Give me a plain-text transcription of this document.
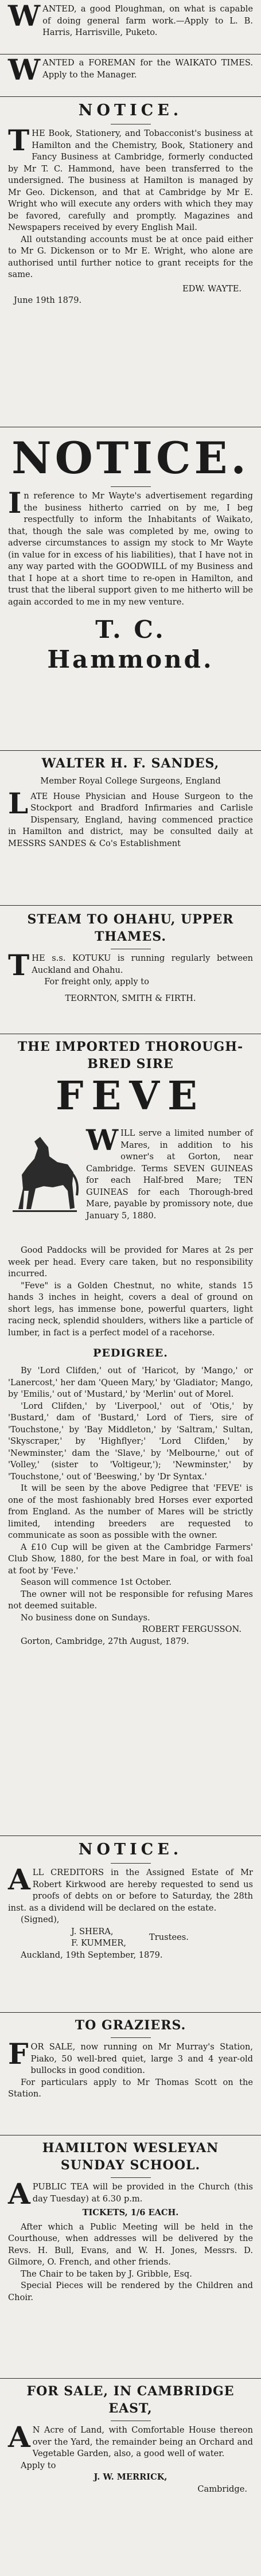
WANTED, a good Ploughman, on what is capable of doing general farm work.—Apply to L. B. Harris, Harrisville, Puketo.

WANTED a FOREMAN for the WAIKATO TIMES. Apply to the Manager.

NOTICE.

THE Book, Stationery, and Tobacconist's business at Hamilton and the Chemistry, Book, Stationery and Fancy Business at Cambridge, formerly conducted by Mr T. C. Hammond, have been transferred to the undersigned. The business at Hamilton is managed by Mr Geo. Dickenson, and that at Cambridge by Mr E. Wright who will execute any orders with which they may be favored, carefully and promptly. Magazines and Newspapers received by every English Mail.

All outstanding accounts must be at once paid either to Mr G. Dickenson or to Mr E. Wright, who alone are authorised until further notice to grant receipts for the same.

EDW. WAYTE.

June 19th 1879.

NOTICE.

In reference to Mr Wayte's advertisement regarding the business hitherto carried on by me, I beg respectfully to inform the Inhabitants of Waikato, that, though the sale was completed by me, owing to adverse circumstances to assign my stock to Mr Wayte (in value for in excess of his liabilities), that I have not in any way parted with the GOODWILL of my Business and that I hope at a short time to re-open in Hamilton, and trust that the liberal support given to me hitherto will be again accorded to me in my new venture.

T. C. Hammond.
WALTER H. F. SANDES,

Member Royal College Surgeons, England

LATE House Physician and House Surgeon to the Stockport and Bradford Infirmaries and Carlisle Dispensary, England, having commenced practice in Hamilton and district, may be consulted daily at MESSRS SANDES & Co's Establishment

STEAM TO OHAHU, UPPER THAMES.

THE s.s. KOTUKU is running regularly between Auckland and Ohahu.

For freight only, apply to

TEORNTON, SMITH & FIRTH.

THE IMPORTED THOROUGH-BRED SIRE
FEVE

WILL serve a limited number of Mares, in addition to his owner's at Gorton, near Cambridge. Terms SEVEN GUINEAS for each Half-bred Mare; TEN GUINEAS for each Thorough-bred Mare, payable by promissory note, due January 5, 1880.

Good Paddocks will be provided for Mares at 2s per week per head. Every care taken, but no responsibility incurred.

"Feve" is a Golden Chestnut, no white, stands 15 hands 3 inches in height, covers a deal of ground on short legs, has immense bone, powerful quarters, light racing neck, splendid shoulders, withers like a particle of lumber, in fact is a perfect model of a racehorse.

PEDIGREE.

By 'Lord Clifden,' out of 'Haricot, by 'Mango,' or 'Lanercost,' her dam 'Queen Mary,' by 'Gladiator; Mango, by 'Emilis,' out of 'Mustard,' by 'Merlin' out of Morel.

'Lord Clifden,' by 'Liverpool,' out of 'Otis,' by 'Bustard,' dam of 'Bustard,' Lord of Tiers, sire of 'Touchstone,' by 'Bay Middleton,' by 'Saltram,' Sultan, 'Skyscraper,' by 'Highflyer;' 'Lord Clifden,' by 'Newminster,' dam the 'Slave,' by 'Melbourne,' out of 'Volley,' (sister to 'Voltigeur,'); 'Newminster,' by 'Touchstone,' out of 'Beeswing,' by 'Dr Syntax.'

It will be seen by the above Pedigree that 'FEVE' is one of the most fashionably bred Horses ever exported from England. As the number of Mares will be strictly limited, intending breeders are requested to communicate as soon as possible with the owner.

A £10 Cup will be given at the Cambridge Farmers' Club Show, 1880, for the best Mare in foal, or with foal at foot by 'Feve.'

Season will commence 1st October.

The owner will not be responsible for refusing Mares not deemed suitable.

No business done on Sundays.

ROBERT FERGUSSON.

Gorton, Cambridge, 27th August, 1879.

NOTICE.

ALL CREDITORS in the Assigned Estate of Mr Robert Kirkwood are hereby requested to send us proofs of debts on or before to Saturday, the 28th inst. as a dividend will be declared on the estate.

(Signed),

J. SHERA,

F. KUMMER,

Trustees.

Auckland, 19th September, 1879.

TO GRAZIERS.

FOR SALE, now running on Mr Murray's Station, Piako, 50 well-bred quiet, large 3 and 4 year-old bullocks in good condition.

For particulars apply to Mr Thomas Scott on the Station.

HAMILTON WESLEYAN SUNDAY SCHOOL.

APUBLIC TEA will be provided in the Church (this day Tuesday) at 6.30 p.m.

TICKETS, 1/6 EACH.

After which a Public Meeting will be held in the Courthouse, when addresses will be delivered by the Revs. H. Bull, Evans, and W. H. Jones, Messrs. D. Gilmore, O. French, and other friends.

The Chair to be taken by J. Gribble, Esq.

Special Pieces will be rendered by the Children and Choir.

FOR SALE, IN CAMBRIDGE EAST,

AN Acre of Land, with Comfortable House thereon over the Yard, the remainder being an Orchard and Vegetable Garden, also, a good well of water.

Apply to

J. W. MERRICK,

Cambridge.
